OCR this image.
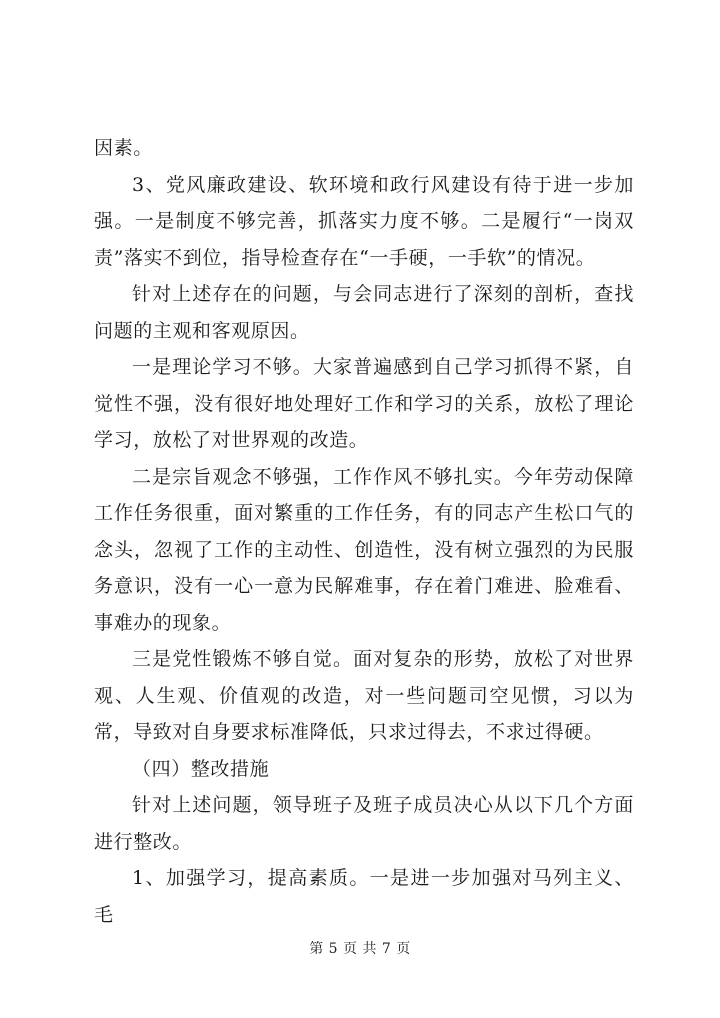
因素。

3、党风廉政建设、软环境和政行风建设有待于进一步加强。一是制度不够完善，抓落实力度不够。二是履行“一岗双责”落实不到位，指导检查存在“一手硬，一手软”的情况。

针对上述存在的问题，与会同志进行了深刻的剖析，查找问题的主观和客观原因。

一是理论学习不够。大家普遍感到自己学习抓得不紧，自觉性不强，没有很好地处理好工作和学习的关系，放松了理论学习，放松了对世界观的改造。

二是宗旨观念不够强，工作作风不够扎实。今年劳动保障工作任务很重，面对繁重的工作任务，有的同志产生松口气的念头，忽视了工作的主动性、创造性，没有树立强烈的为民服务意识，没有一心一意为民解难事，存在着门难进、脸难看、事难办的现象。

三是党性锻炼不够自觉。面对复杂的形势，放松了对世界观、人生观、价值观的改造，对一些问题司空见惯，习以为常，导致对自身要求标准降低，只求过得去，不求过得硬。

（四）整改措施

针对上述问题，领导班子及班子成员决心从以下几个方面进行整改。

1、加强学习，提高素质。一是进一步加强对马列主义、毛

第 5 页 共 7 页
